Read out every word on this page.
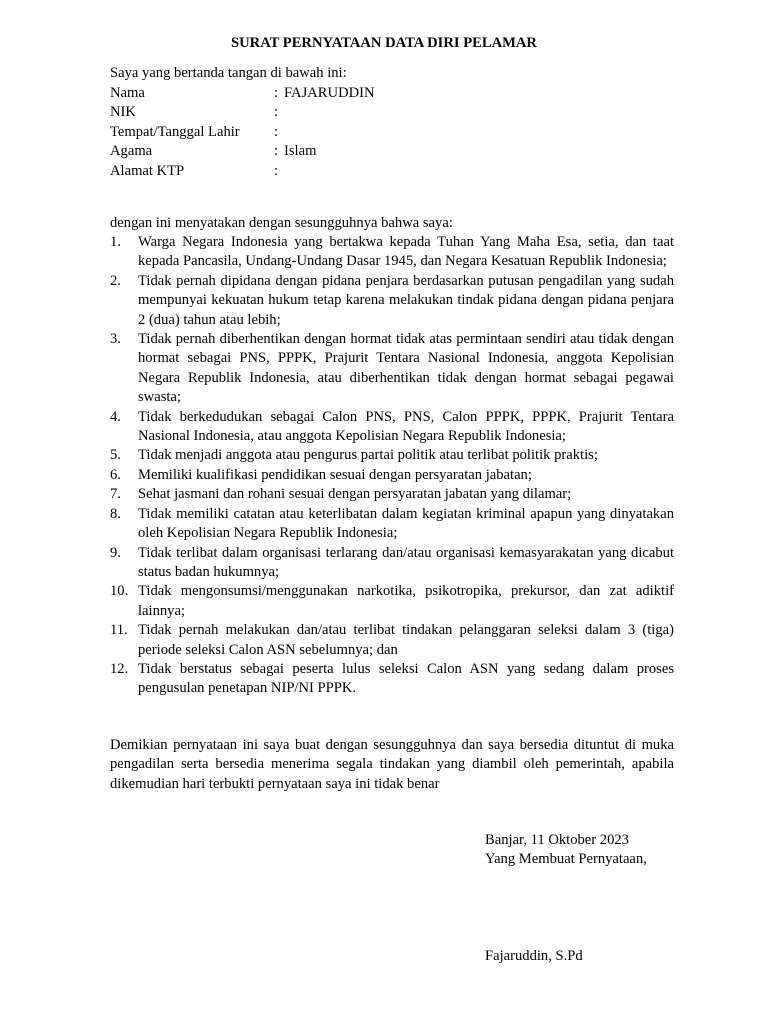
SURAT PERNYATAAN DATA DIRI PELAMAR
Saya yang bertanda tangan di bawah ini:
Nama	: FAJARUDDIN
NIK	:
Tempat/Tanggal Lahir :
Agama	: Islam
Alamat KTP	:
dengan ini menyatakan dengan sesungguhnya bahwa saya:
1.	Warga Negara Indonesia yang bertakwa kepada Tuhan Yang Maha Esa, setia, dan taat kepada Pancasila, Undang-Undang Dasar 1945, dan Negara Kesatuan Republik Indonesia;
2.	Tidak pernah dipidana dengan pidana penjara berdasarkan putusan pengadilan yang sudah mempunyai kekuatan hukum tetap karena melakukan tindak pidana dengan pidana penjara 2 (dua) tahun atau lebih;
3.	Tidak pernah diberhentikan dengan hormat tidak atas permintaan sendiri atau tidak dengan hormat sebagai PNS, PPPK, Prajurit Tentara Nasional Indonesia, anggota Kepolisian Negara Republik Indonesia, atau diberhentikan tidak dengan hormat sebagai pegawai swasta;
4.	Tidak berkedudukan sebagai Calon PNS, PNS, Calon PPPK, PPPK, Prajurit Tentara Nasional Indonesia, atau anggota Kepolisian Negara Republik Indonesia;
5.	Tidak menjadi anggota atau pengurus partai politik atau terlibat politik praktis;
6.	Memiliki kualifikasi pendidikan sesuai dengan persyaratan jabatan;
7.	Sehat jasmani dan rohani sesuai dengan persyaratan jabatan yang dilamar;
8.	Tidak memiliki catatan atau keterlibatan dalam kegiatan kriminal apapun yang dinyatakan oleh Kepolisian Negara Republik Indonesia;
9.	Tidak terlibat dalam organisasi terlarang dan/atau organisasi kemasyarakatan yang dicabut status badan hukumnya;
10. Tidak mengonsumsi/menggunakan narkotika, psikotropika, prekursor, dan zat adiktif lainnya;
11. Tidak pernah melakukan dan/atau terlibat tindakan pelanggaran seleksi dalam 3 (tiga) periode seleksi Calon ASN sebelumnya; dan
12. Tidak berstatus sebagai peserta lulus seleksi Calon ASN yang sedang dalam proses pengusulan penetapan NIP/NI PPPK.
Demikian pernyataan ini saya buat dengan sesungguhnya dan saya bersedia dituntut di muka pengadilan serta bersedia menerima segala tindakan yang diambil oleh pemerintah, apabila dikemudian hari terbukti pernyataan saya ini tidak benar
Banjar, 11 Oktober 2023
Yang Membuat Pernyataan,
Fajaruddin, S.Pd
